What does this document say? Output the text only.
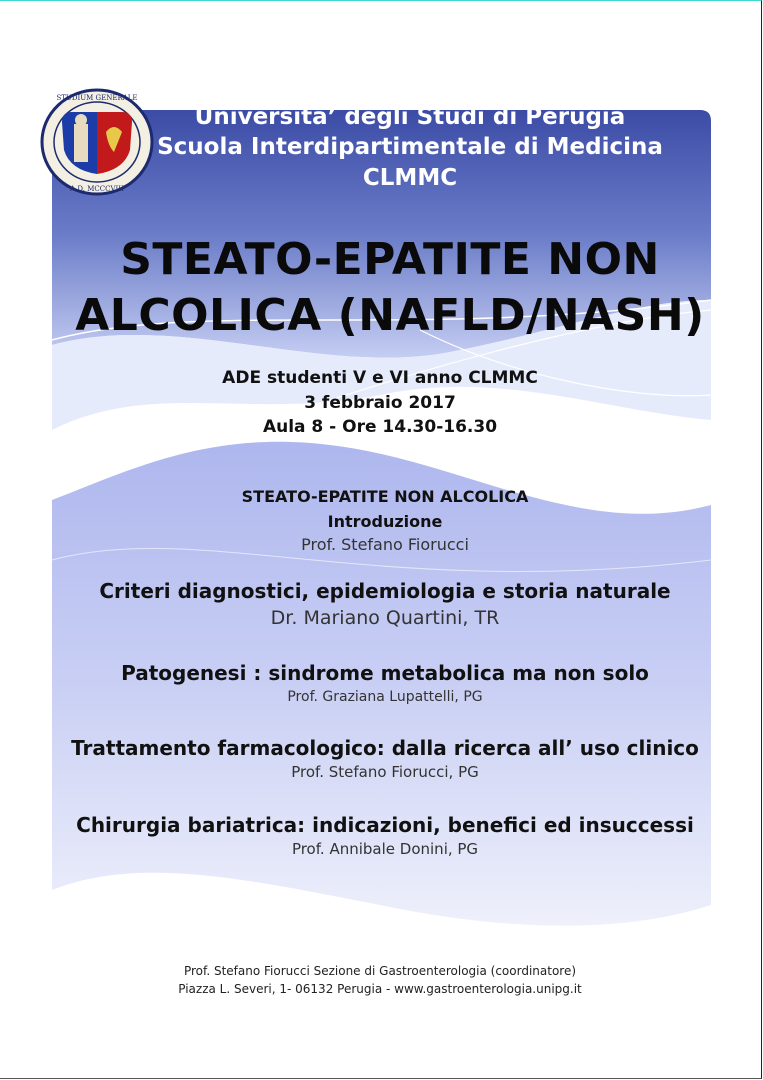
STUDIUM GENERALE
A.D. MCCCVIII
Universita’ degli Studi di Perugia
Scuola Interdipartimentale di Medicina
CLMMC
STEATO-EPATITE NON
ALCOLICA (NAFLD/NASH)
ADE studenti V e VI anno CLMMC
3 febbraio 2017
Aula 8 - Ore 14.30-16.30
STEATO-EPATITE NON ALCOLICA
Introduzione
Prof. Stefano Fiorucci
Criteri diagnostici, epidemiologia e storia naturale
Dr. Mariano Quartini, TR
Patogenesi : sindrome metabolica ma non solo
Prof. Graziana Lupattelli, PG
Trattamento farmacologico: dalla ricerca all’ uso clinico
Prof. Stefano Fiorucci, PG
Chirurgia bariatrica: indicazioni, benefici ed insuccessi
Prof. Annibale Donini, PG
Prof. Stefano Fiorucci Sezione di Gastroenterologia (coordinatore)
Piazza L. Severi, 1- 06132 Perugia - www.gastroenterologia.unipg.it
